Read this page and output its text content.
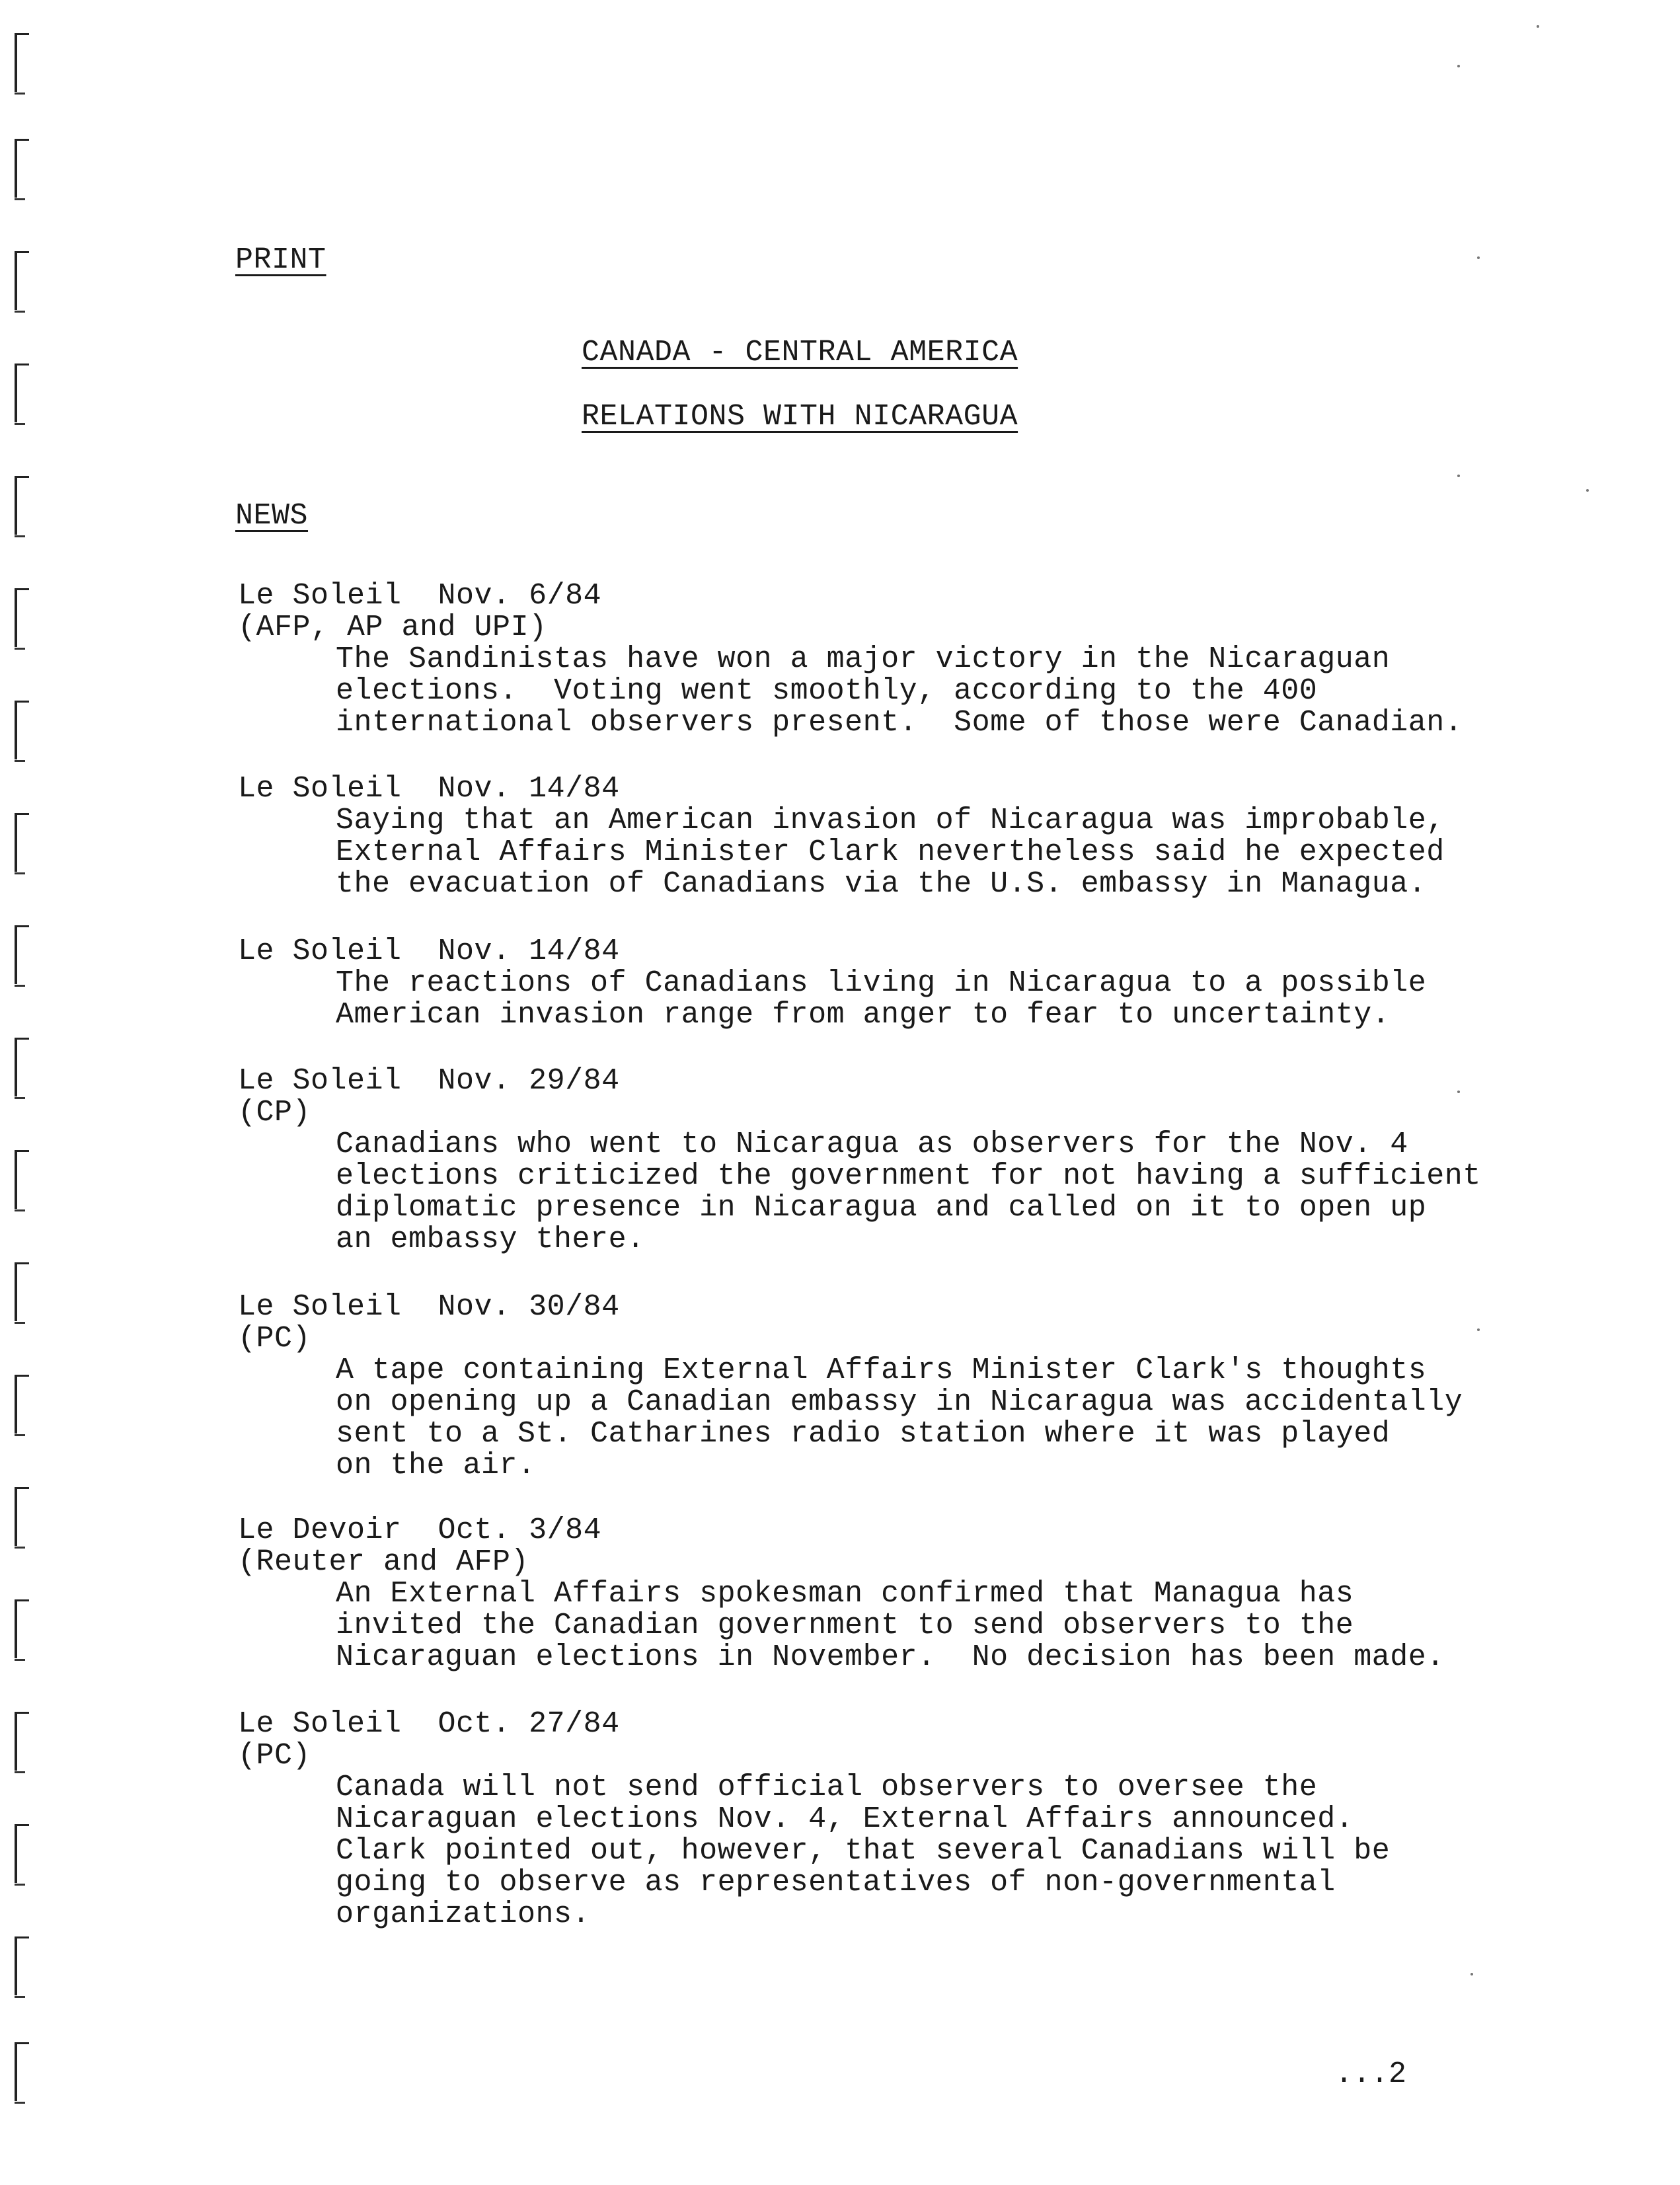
PRINT
CANADA - CENTRAL AMERICA
RELATIONS WITH NICARAGUA
NEWS
Le Soleil  Nov. 6/84
(AFP, AP and UPI)
The Sandinistas have won a major victory in the Nicaraguan
elections.  Voting went smoothly, according to the 400
international observers present.  Some of those were Canadian.
Le Soleil  Nov. 14/84
Saying that an American invasion of Nicaragua was improbable,
External Affairs Minister Clark nevertheless said he expected
the evacuation of Canadians via the U.S. embassy in Managua.
Le Soleil  Nov. 14/84
The reactions of Canadians living in Nicaragua to a possible
American invasion range from anger to fear to uncertainty.
Le Soleil  Nov. 29/84
(CP)
Canadians who went to Nicaragua as observers for the Nov. 4
elections criticized the government for not having a sufficient
diplomatic presence in Nicaragua and called on it to open up
an embassy there.
Le Soleil  Nov. 30/84
(PC)
A tape containing External Affairs Minister Clark's thoughts
on opening up a Canadian embassy in Nicaragua was accidentally
sent to a St. Catharines radio station where it was played
on the air.
Le Devoir  Oct. 3/84
(Reuter and AFP)
An External Affairs spokesman confirmed that Managua has
invited the Canadian government to send observers to the
Nicaraguan elections in November.  No decision has been made.
Le Soleil  Oct. 27/84
(PC)
Canada will not send official observers to oversee the
Nicaraguan elections Nov. 4, External Affairs announced.
Clark pointed out, however, that several Canadians will be
going to observe as representatives of non-governmental
organizations.
...2
